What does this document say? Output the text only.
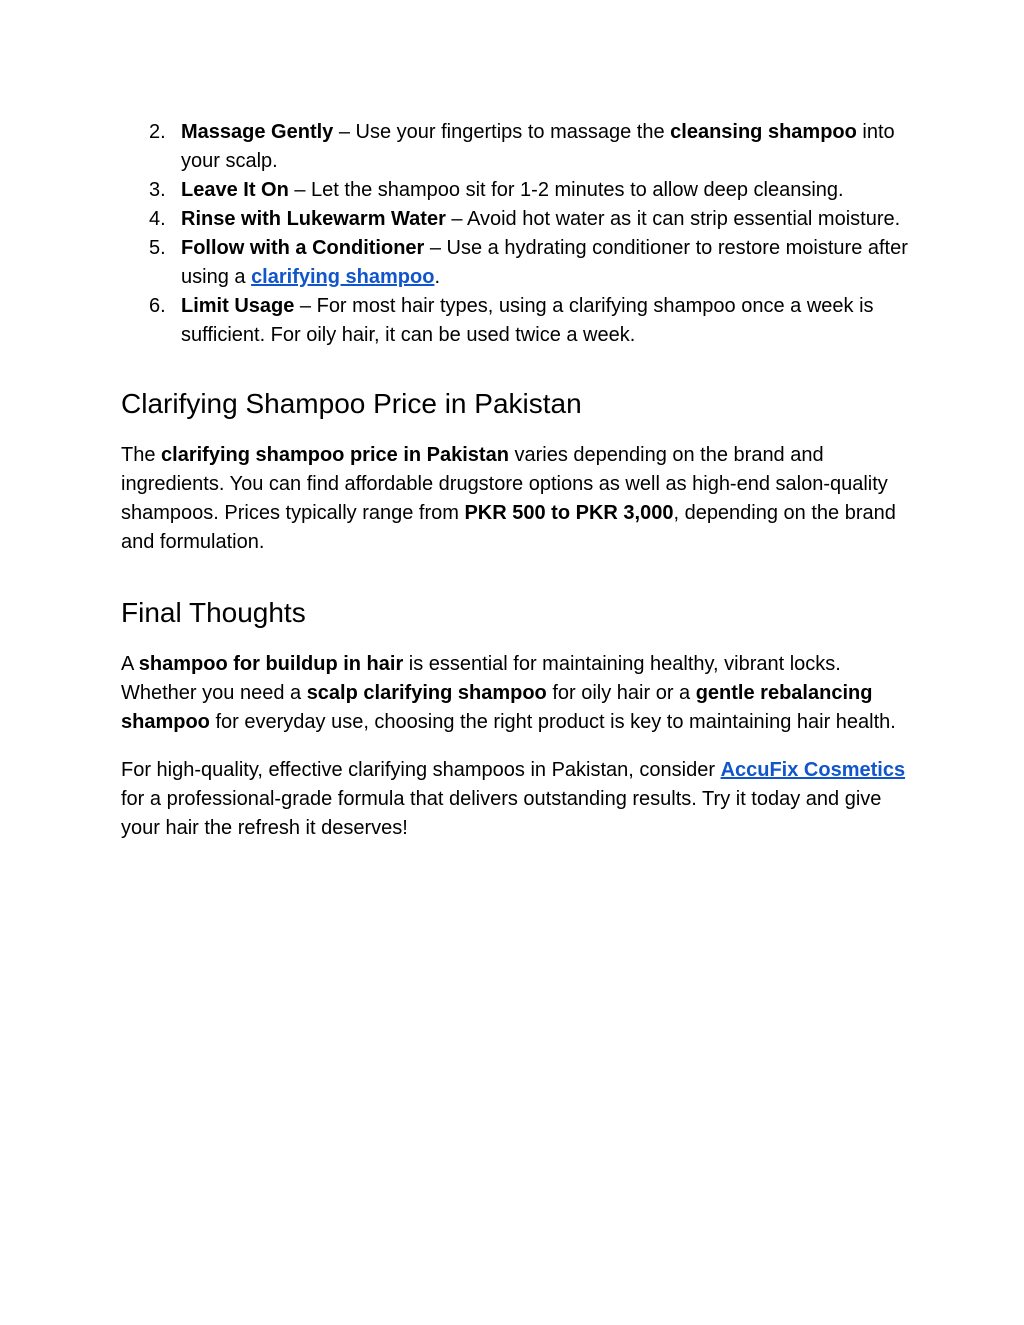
2. Massage Gently – Use your fingertips to massage the cleansing shampoo into your scalp.
3. Leave It On – Let the shampoo sit for 1-2 minutes to allow deep cleansing.
4. Rinse with Lukewarm Water – Avoid hot water as it can strip essential moisture.
5. Follow with a Conditioner – Use a hydrating conditioner to restore moisture after using a clarifying shampoo.
6. Limit Usage – For most hair types, using a clarifying shampoo once a week is sufficient. For oily hair, it can be used twice a week.
Clarifying Shampoo Price in Pakistan

The clarifying shampoo price in Pakistan varies depending on the brand and ingredients. You can find affordable drugstore options as well as high-end salon-quality shampoos. Prices typically range from PKR 500 to PKR 3,000, depending on the brand and formulation.

Final Thoughts

A shampoo for buildup in hair is essential for maintaining healthy, vibrant locks. Whether you need a scalp clarifying shampoo for oily hair or a gentle rebalancing shampoo for everyday use, choosing the right product is key to maintaining hair health.

For high-quality, effective clarifying shampoos in Pakistan, consider AccuFix Cosmetics for a professional-grade formula that delivers outstanding results. Try it today and give your hair the refresh it deserves!
